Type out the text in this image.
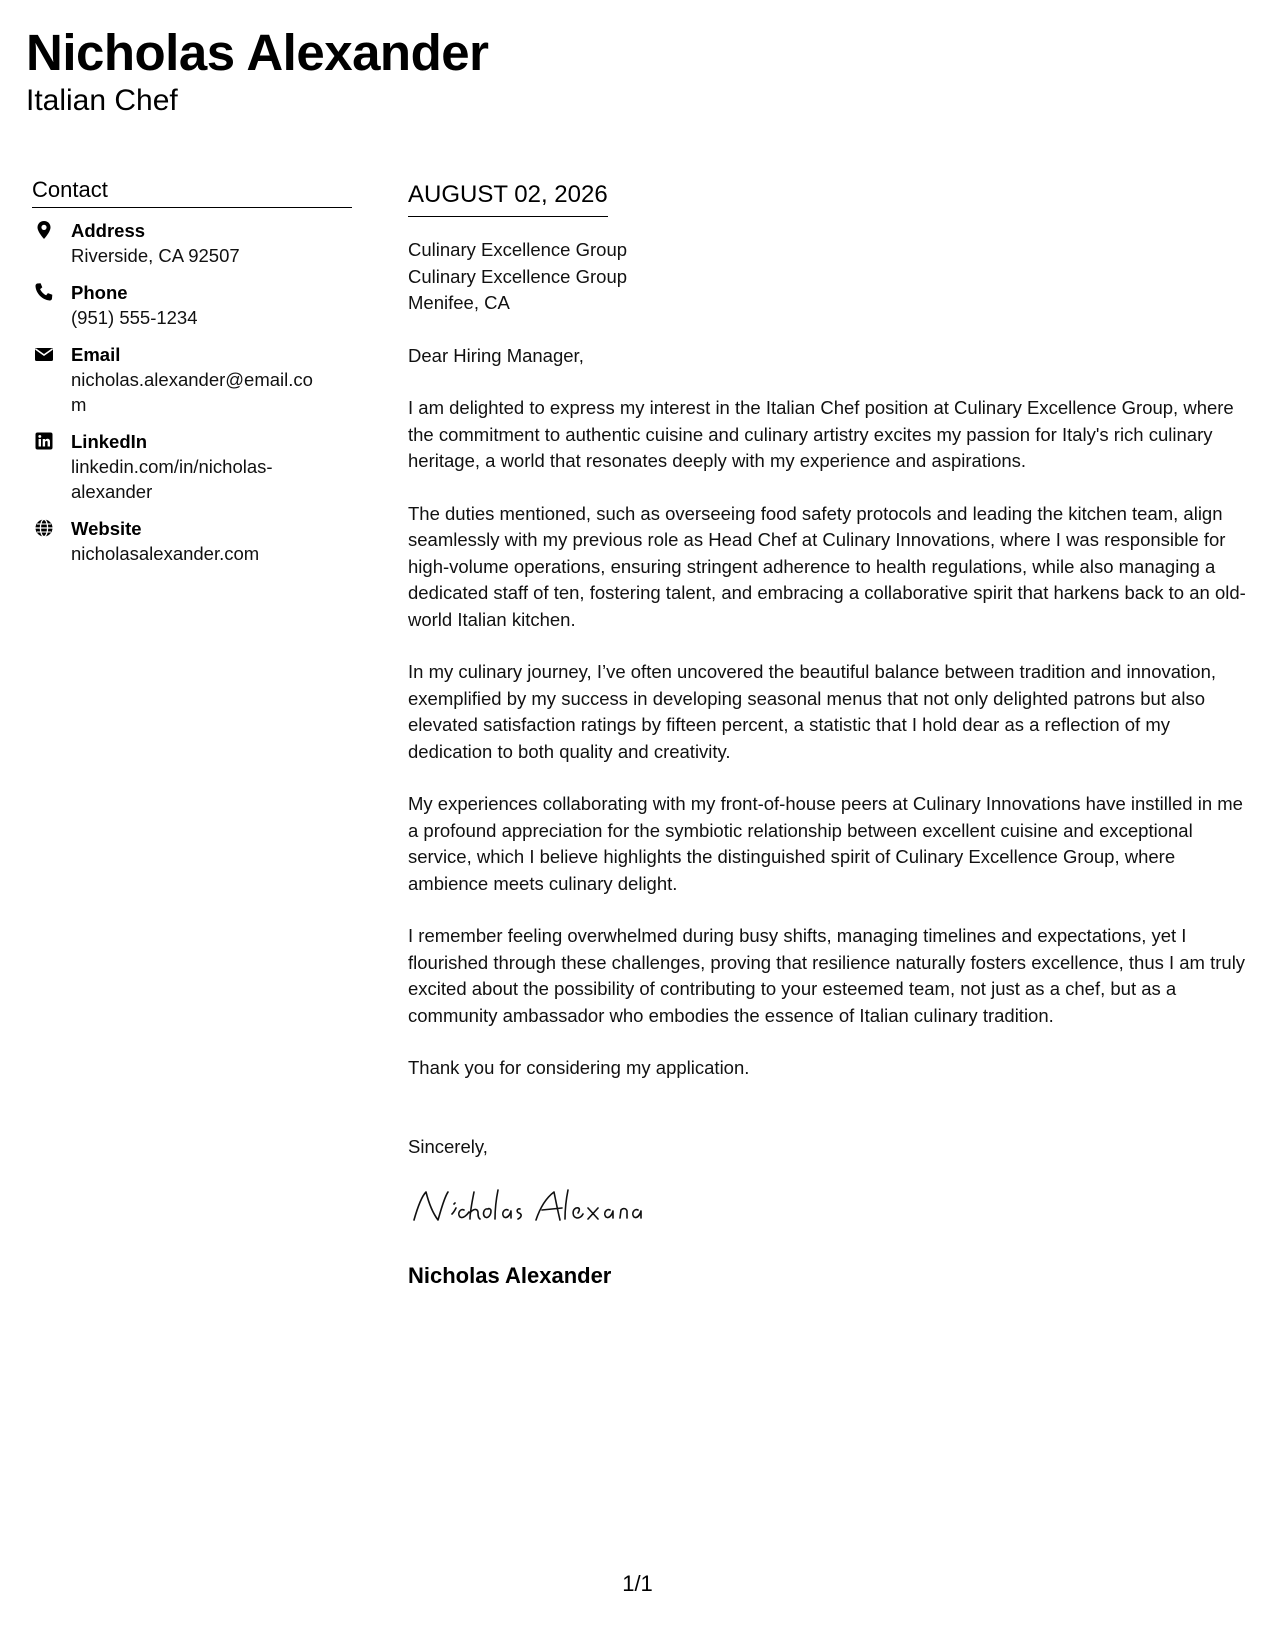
Nicholas Alexander
Italian Chef
Contact
Address
Riverside, CA 92507
Phone
(951) 555-1234
Email
nicholas.alexander@email.com
LinkedIn
linkedin.com/in/nicholas-alexander
Website
nicholasalexander.com
AUGUST 02, 2026
Culinary Excellence Group
Culinary Excellence Group
Menifee, CA
Dear Hiring Manager,

I am delighted to express my interest in the Italian Chef position at Culinary Excellence Group, where the commitment to authentic cuisine and culinary artistry excites my passion for Italy's rich culinary heritage, a world that resonates deeply with my experience and aspirations.

The duties mentioned, such as overseeing food safety protocols and leading the kitchen team, align seamlessly with my previous role as Head Chef at Culinary Innovations, where I was responsible for high-volume operations, ensuring stringent adherence to health regulations, while also managing a dedicated staff of ten, fostering talent, and embracing a collaborative spirit that harkens back to an old-world Italian kitchen.

In my culinary journey, I’ve often uncovered the beautiful balance between tradition and innovation, exemplified by my success in developing seasonal menus that not only delighted patrons but also elevated satisfaction ratings by fifteen percent, a statistic that I hold dear as a reflection of my dedication to both quality and creativity.

My experiences collaborating with my front-of-house peers at Culinary Innovations have instilled in me a profound appreciation for the symbiotic relationship between excellent cuisine and exceptional service, which I believe highlights the distinguished spirit of Culinary Excellence Group, where ambience meets culinary delight.

I remember feeling overwhelmed during busy shifts, managing timelines and expectations, yet I flourished through these challenges, proving that resilience naturally fosters excellence, thus I am truly excited about the possibility of contributing to your esteemed team, not just as a chef, but as a community ambassador who embodies the essence of Italian culinary tradition.

Thank you for considering my application.

Sincerely,
Nicholas Alexander
1/1
